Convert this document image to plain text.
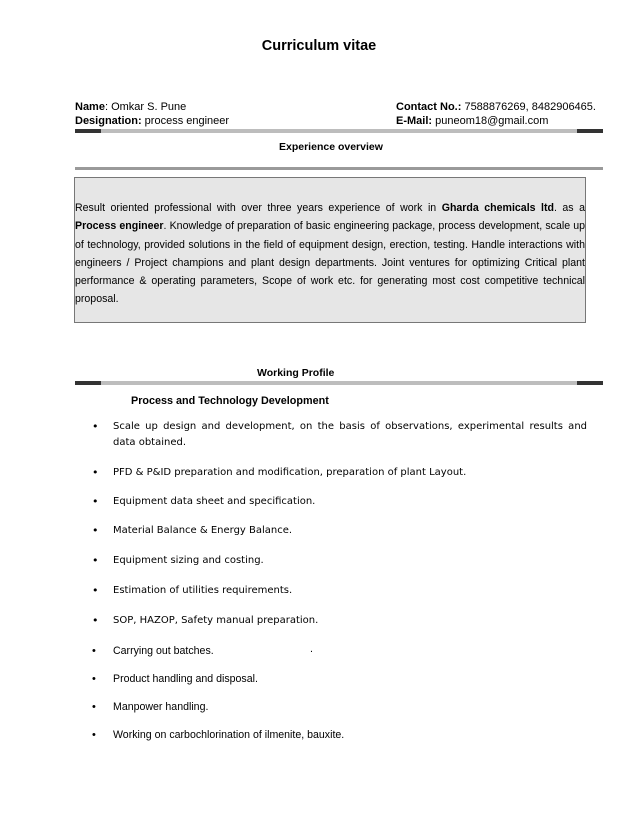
Curriculum vitae
Name: Omkar S. Pune
Designation: process engineer
Contact No.: 7588876269, 8482906465.
E-Mail: puneom18@gmail.com
Experience overview
Result oriented professional with over three years experience of work in Gharda chemicals ltd. as a Process engineer. Knowledge of preparation of basic engineering package, process development, scale up of technology, provided solutions in the field of equipment design, erection, testing. Handle interactions with engineers / Project champions and plant design departments. Joint ventures for optimizing Critical plant performance & operating parameters, Scope of work etc. for generating most cost competitive technical proposal.
Working Profile
Process and Technology Development
•	Scale up design and development, on the basis of observations, experimental results and data obtained.
•	PFD & P&ID preparation and modification, preparation of plant Layout.
•	Equipment data sheet and specification.
•	Material Balance & Energy Balance.
•	Equipment sizing and costing.
•	Estimation of utilities requirements.
•	SOP, HAZOP, Safety manual preparation.
•	Carrying out batches.	.
•	Product handling and disposal.
•	Manpower handling.
•	Working on carbochlorination of ilmenite, bauxite.
